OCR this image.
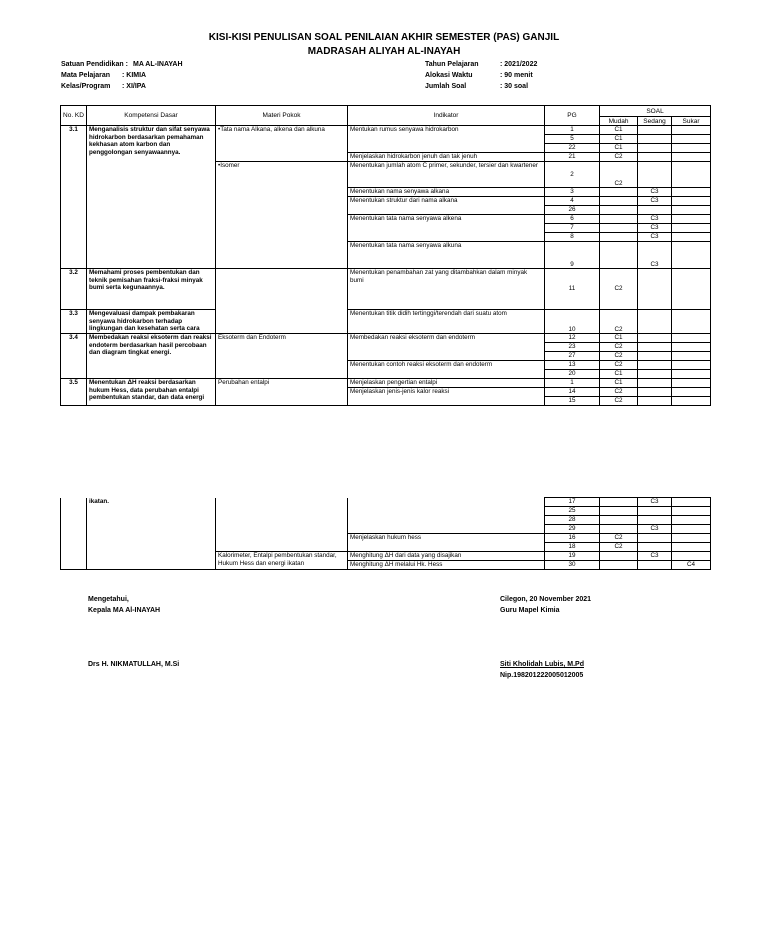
KISI-KISI PENULISAN SOAL PENILAIAN AKHIR SEMESTER (PAS) GANJIL
MADRASAH ALIYAH AL-INAYAH
Satuan Pendidikan : MA AL-INAYAH
Mata Pelajaran : KIMIA
Kelas/Program : XI/IPA
Tahun Pelajaran	: 2021/2022
Alokasi Waktu	: 90 menit
Jumlah Soal	: 30 soal
No. KD	Kompetensi Dasar	Materi Pokok	Indikator	PG	SOAL		
					Mudah	Sedang	Sukar
3.1	Menganalisis struktur dan sifat senyawa hidrokarbon berdasarkan pemahaman kekhasan atom karbon dan penggolongan senyawaannya.	• Tata nama Alkana, alkena dan alkuna	Mentukan rumus senyawa hidrokarbon	1	C1		
				5	C1		
				22	C1		
			Menjelaskan hidrokarbon jenuh dan tak jenuh	21	C2		
		• Isomer	Menentukan jumlah atom C primer, sekunder, tersier dan kwartener	2	C2		
			Menentukan nama senyawa alkana	3		C3	
			Menentukan struktur dari nama alkana	4		C3	
				26			
			Menentukan tata nama senyawa alkena	6		C3	
				7		C3	
				8		C3	
			Menentukan tata nama senyawa alkuna	9		C3	
3.2	Memahami proses pembentukan dan teknik pemisahan fraksi-fraksi minyak bumi serta kegunaannya.		Menentukan penambahan zat yang ditambahkan dalam minyak bumi	11	C2		
3.3	Mengevaluasi dampak pembakaran senyawa hidrokarbon terhadap lingkungan dan kesehatan serta cara		Menentukan titik didih tertinggi/terendah dari suatu atom	10	C2		
3.4	Membedakan reaksi eksoterm dan reaksi endoterm berdasarkan hasil percobaan dan diagram tingkat energi.	Eksoterm dan Endoterm	Membedakan reaksi eksoterm dan endoterm	12	C1		
				23	C2		
				27	C2		
			Menentukan contoh reaksi eksoterm dan endoterm	13	C2		
				20	C1		
3.5	Menentukan ΔH reaksi berdasarkan hukum Hess, data perubahan entalpi pembentukan standar, dan data energi	Perubahan entalpi	Menjelaskan pengertian entalpi	1	C1		
			Menjelaskan jenis-jenis kalor reaksi	14	C2		
				15	C2		
	ikatan.			17		C3	
				25			
				28			
				29		C3	
			Menjelaskan hukum hess	16	C2		
				18	C2		
		Kalorimeter, Entalpi pembentukan standar, Hukum Hess dan energi ikatan	Menghitung ΔH dari data yang disajikan	19		C3	
			Menghitung ΔH melalui Hk. Hess	30			C4
Mengetahui,
Kepala MA Al-INAYAH
Drs H. NIKMATULLAH, M.Si
Cilegon, 20 November 2021
Guru Mapel Kimia
Siti Kholidah Lubis, M.Pd
Nip.198201222005012005
